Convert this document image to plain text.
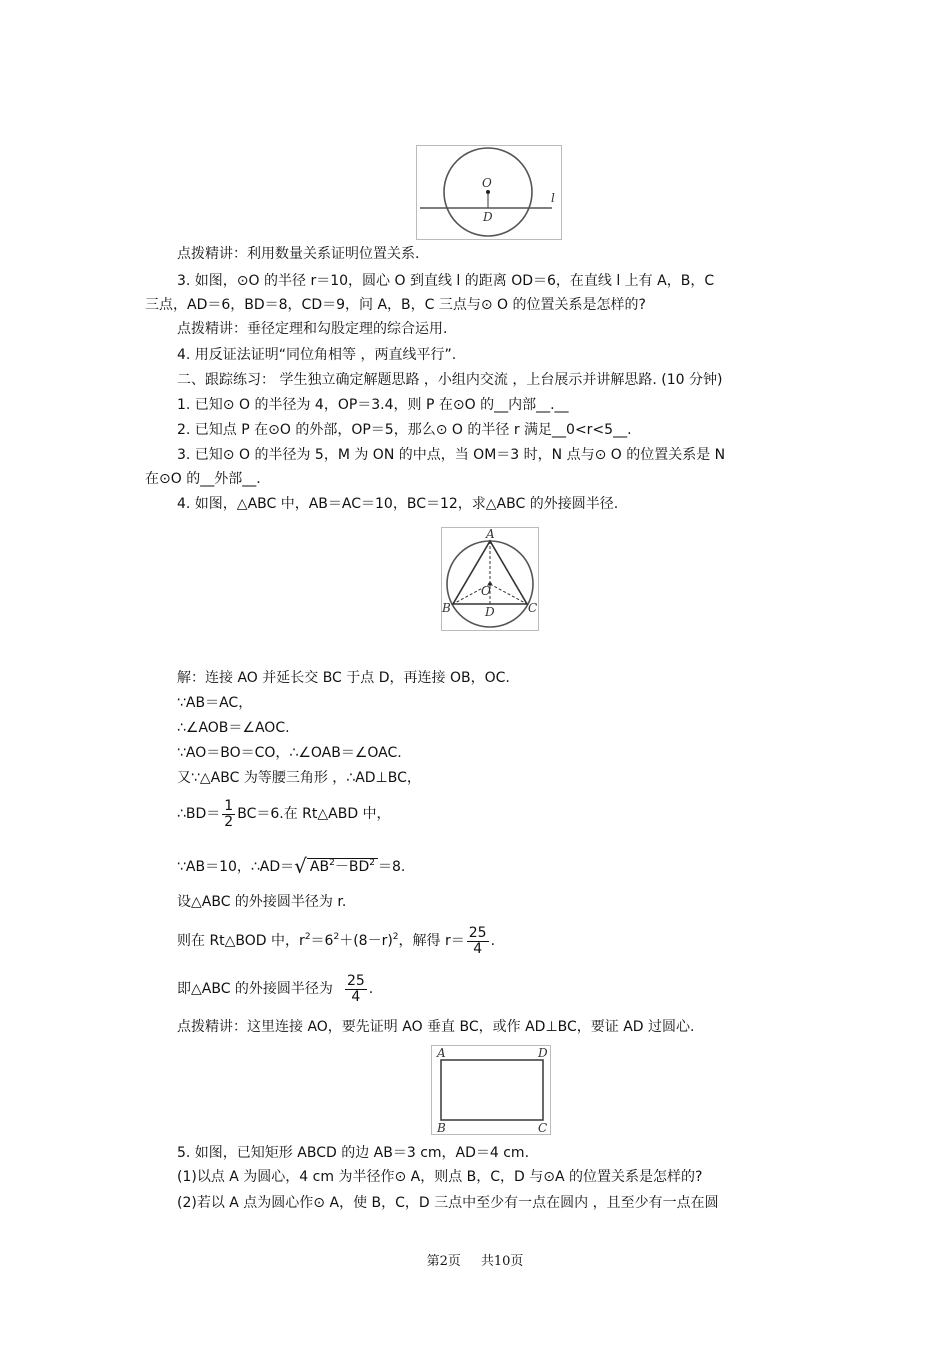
O
D
l
点拨精讲：利用数量关系证明位置关系.
3. 如图，⊙O 的半径 r＝10，圆心 O 到直线 l 的距离 OD＝6，在直线 l 上有 A，B，C
三点，AD＝6，BD＝8，CD＝9，问 A，B，C 三点与⊙ O 的位置关系是怎样的?
点拨精讲：垂径定理和勾股定理的综合运用.
4. 用反证法证明“同位角相等 ，两直线平行”.
二、跟踪练习： 学生独立确定解题思路 ，小组内交流 ，上台展示并讲解思路. (10 分钟)
1. 已知⊙ O 的半径为 4，OP＝3.4，则 P 在⊙O 的__内部__.__
2. 已知点 P 在⊙O 的外部，OP＝5，那么⊙ O 的半径 r 满足__0<r<5__.
3. 已知⊙ O 的半径为 5，M 为 ON 的中点，当 OM＝3 时，N 点与⊙ O 的位置关系是 N
在⊙O 的__外部__.
4. 如图，△ABC 中，AB＝AC＝10，BC＝12，求△ABC 的外接圆半径.
A
B	C
O
D
解：连接 AO 并延长交 BC 于点 D，再连接 OB，OC.
∵AB＝AC，
∴∠AOB＝∠AOC.
∵AO＝BO＝CO，∴∠OAB＝∠OAC.
又∵△ABC 为等腰三角形 ，∴AD⊥BC，
∴BD＝ $\frac{1}{2} BC=6$.在 Rt△ABD 中，
∵AB＝10，∴AD＝√ $AB^2-BD^2 =8$.
设△ABC 的外接圆半径为 r.
则在 Rt△BOD 中，$r^2=6^2+(8-r)^2$，解得 $r= \frac{25}{4}$ .
即△ABC 的外接圆半径为 $\frac{25}{4}$ .
点拨精讲：这里连接 AO，要先证明 AO 垂直 BC，或作 AD⊥BC，要证 AD 过圆心.
A	D
B	C
5. 如图，已知矩形 ABCD 的边 AB＝3 cm，AD＝4 cm.
(1)以点 A 为圆心，4 cm 为半径作⊙ A，则点 B，C，D 与⊙A 的位置关系是怎样的?
(2)若以 A 点为圆心作⊙ A，使 B，C，D 三点中至少有一点在圆内 ，且至少有一点在圆
第2页 共10页
